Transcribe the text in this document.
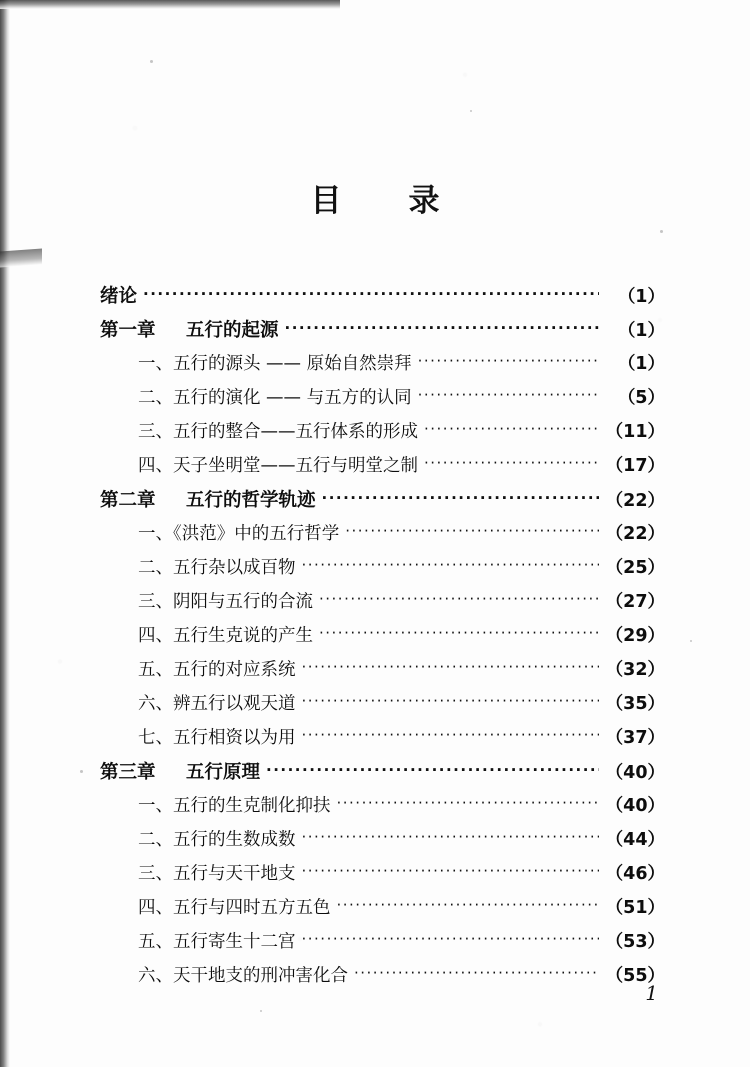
目　录
绪论 ·····	（1）
第一章 五行的起源 ·····	（1）
一、五行的源头 —— 原始自然崇拜 ·····	（1）
二、五行的演化 —— 与五方的认同 ·····	（5）
三、五行的整合——五行体系的形成 ·····	（11）
四、天子坐明堂——五行与明堂之制 ·····	（17）
第二章 五行的哲学轨迹 ·····	（22）
一、《洪范》中的五行哲学 ·····	（22）
二、五行杂以成百物 ·····	（25）
三、阴阳与五行的合流 ·····	（27）
四、五行生克说的产生 ·····	（29）
五、五行的对应系统 ·····	（32）
六、辨五行以观天道 ·····	（35）
七、五行相资以为用 ·····	（37）
第三章 五行原理 ·····	（40）
一、五行的生克制化抑扶 ·····	（40）
二、五行的生数成数 ·····	（44）
三、五行与天干地支 ·····	（46）
四、五行与四时五方五色 ·····	（51）
五、五行寄生十二宫 ·····	（53）
六、天干地支的刑冲害化合 ·····	（55）
1
